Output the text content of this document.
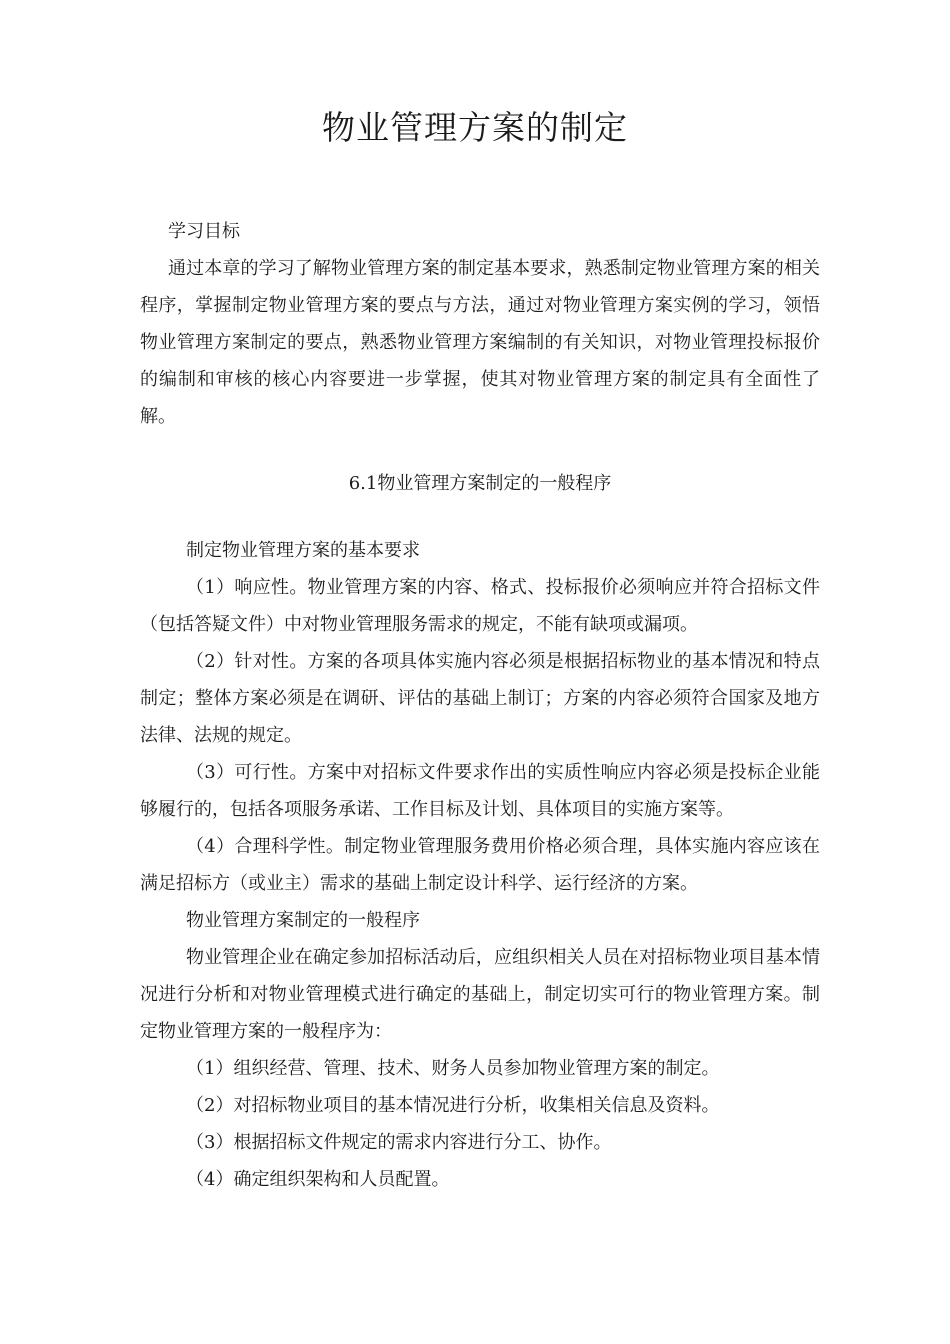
物业管理方案的制定

学习目标

通过本章的学习了解物业管理方案的制定基本要求，熟悉制定物业管理方案的相关程序，掌握制定物业管理方案的要点与方法，通过对物业管理方案实例的学习，领悟物业管理方案制定的要点，熟悉物业管理方案编制的有关知识，对物业管理投标报价的编制和审核的核心内容要进一步掌握，使其对物业管理方案的制定具有全面性了解。

6.1物业管理方案制定的一般程序

制定物业管理方案的基本要求

（1）响应性。物业管理方案的内容、格式、投标报价必须响应并符合招标文件（包括答疑文件）中对物业管理服务需求的规定，不能有缺项或漏项。

（2）针对性。方案的各项具体实施内容必须是根据招标物业的基本情况和特点制定；整体方案必须是在调研、评估的基础上制订；方案的内容必须符合国家及地方法律、法规的规定。

（3）可行性。方案中对招标文件要求作出的实质性响应内容必须是投标企业能够履行的，包括各项服务承诺、工作目标及计划、具体项目的实施方案等。

（4）合理科学性。制定物业管理服务费用价格必须合理，具体实施内容应该在满足招标方（或业主）需求的基础上制定设计科学、运行经济的方案。

物业管理方案制定的一般程序

物业管理企业在确定参加招标活动后，应组织相关人员在对招标物业项目基本情况进行分析和对物业管理模式进行确定的基础上，制定切实可行的物业管理方案。制定物业管理方案的一般程序为：

（1）组织经营、管理、技术、财务人员参加物业管理方案的制定。

（2）对招标物业项目的基本情况进行分析，收集相关信息及资料。

（3）根据招标文件规定的需求内容进行分工、协作。

（4）确定组织架构和人员配置。
